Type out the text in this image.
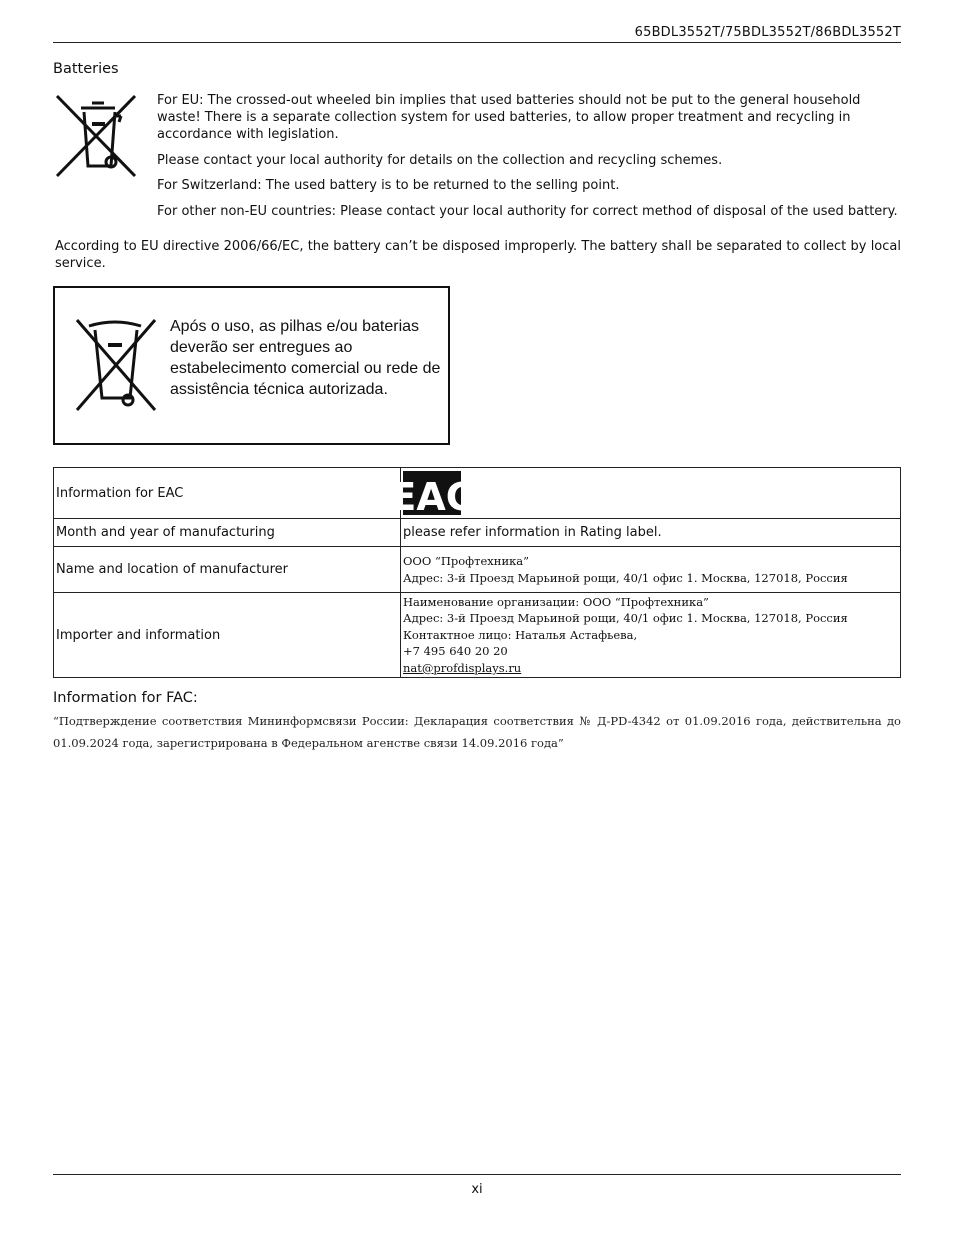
65BDL3552T/75BDL3552T/86BDL3552T
Batteries

For EU: The crossed-out wheeled bin implies that used batteries should not be put to the general household waste! There is a separate collection system for used batteries, to allow proper treatment and recycling in accordance with legislation.

Please contact your local authority for details on the collection and recycling schemes.

For Switzerland: The used battery is to be returned to the selling point.

For other non-EU countries: Please contact your local authority for correct method of disposal of the used battery.

According to EU directive 2006/66/EC, the battery can’t be disposed improperly. The battery shall be separated to collect by local service.

Após o uso, as pilhas e/ou baterias deverão ser entregues ao estabelecimento comercial ou rede de assistência técnica autorizada.

Information for EAC	EAC

Month and year of manufacturing	please refer information in Rating label.
Name and location of manufacturer	ООО “Профтехника”
Адрес: 3-й Проезд Марьиной рощи, 40/1 офис 1. Москва, 127018, Россия

Importer and information	Наименование организации: ООО “Профтехника”
Адрес: 3-й Проезд Марьиной рощи, 40/1 офис 1. Москва, 127018, Россия
Контактное лицо: Наталья Астафьева,
+7 495 640 20 20
nat@profdisplays.ru
Information for FAC:

“Подтверждение соответствия Мининформсвязи России: Декларация соответствия № Д-PD-4342 от 01.09.2016 года, действительна до 01.09.2024 года, зарегистрирована в Федеральном агенстве связи 14.09.2016 года”

xi
